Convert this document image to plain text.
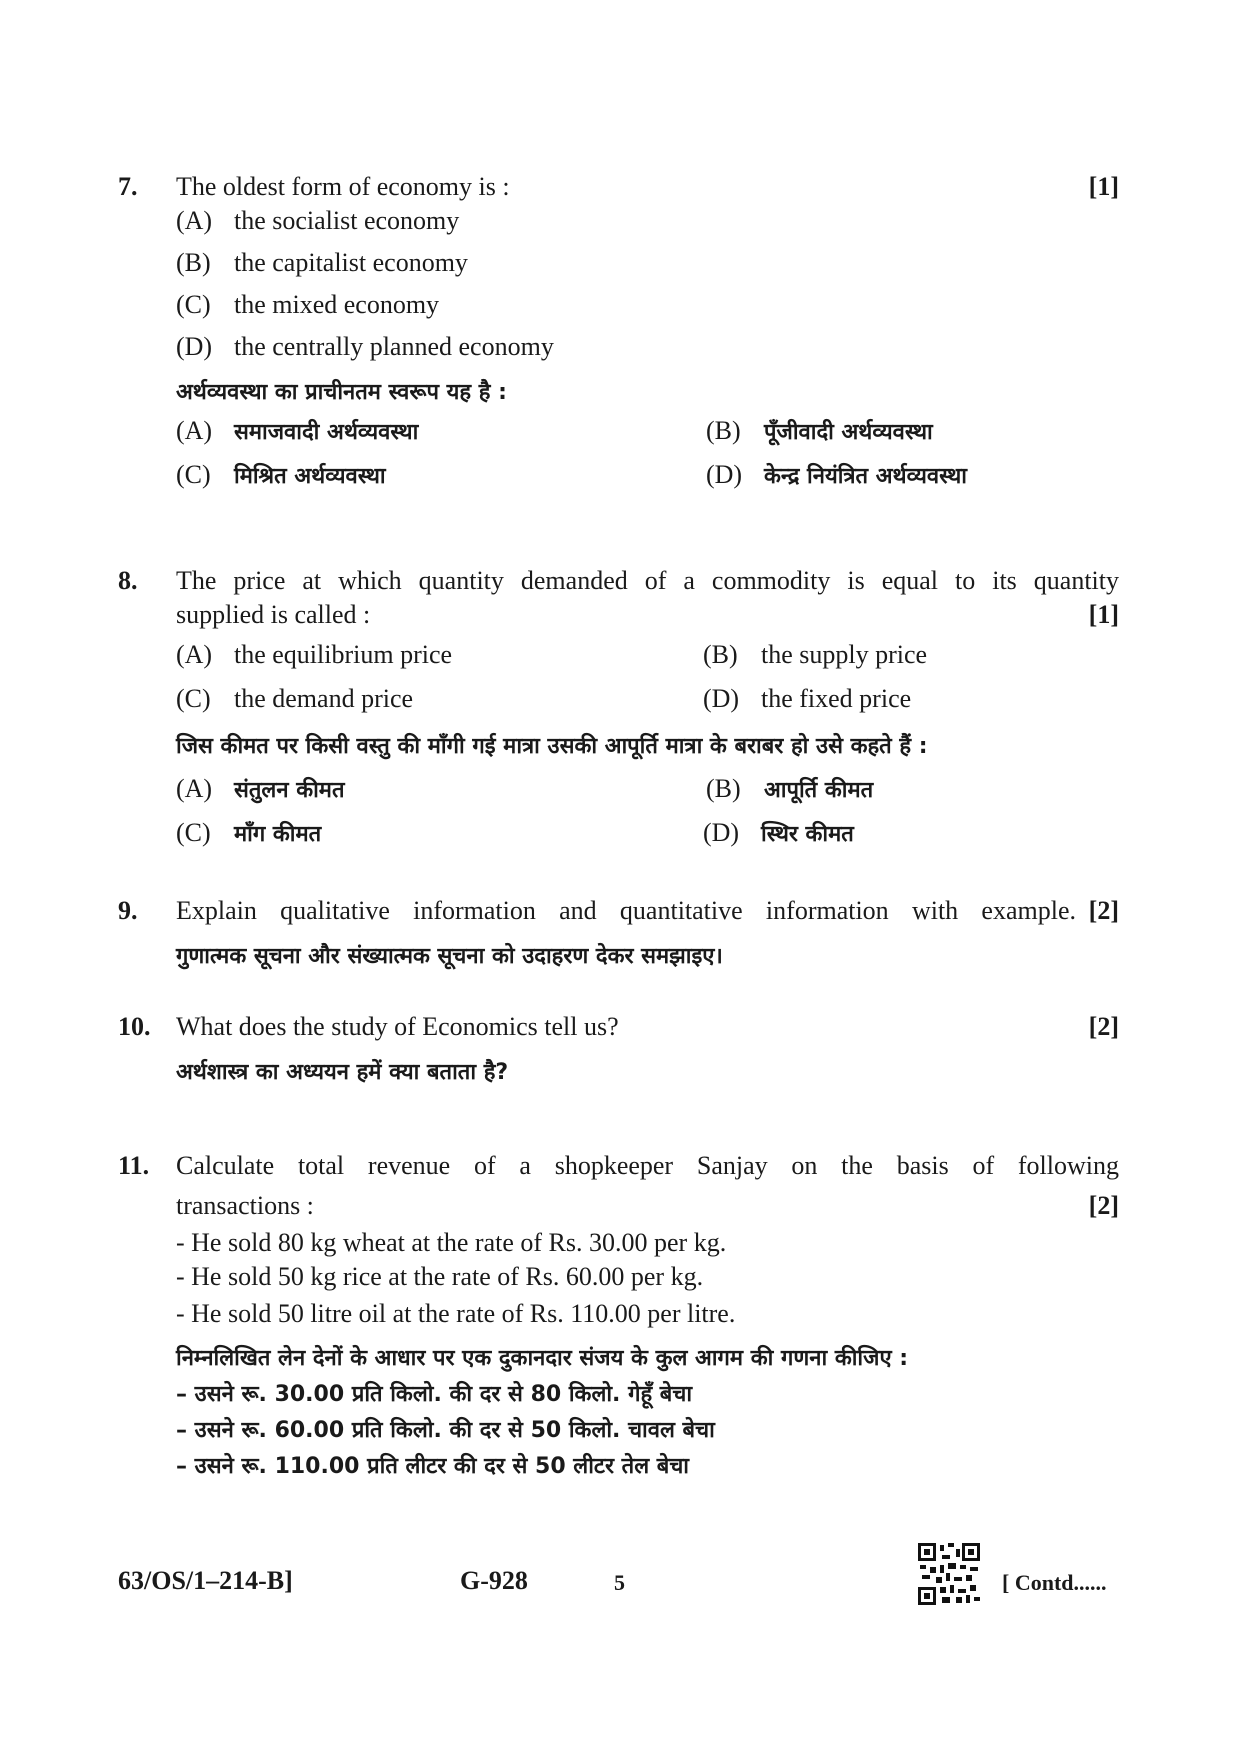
7. The oldest form of economy is :	[1]
(A) the socialist economy
(B) the capitalist economy
(C) the mixed economy
(D) the centrally planned economy
अर्थव्यवस्था का प्राचीनतम स्वरूप यह है :
(A) समाजवादी अर्थव्यवस्था	(B) पूँजीवादी अर्थव्यवस्था
(C) मिश्रित अर्थव्यवस्था	(D) केन्द्र नियंत्रित अर्थव्यवस्था
8. The price at which quantity demanded of a commodity is equal to its quantity
supplied is called :	[1]
(A) the equilibrium price	(B) the supply price
(C) the demand price	(D) the fixed price
जिस कीमत पर किसी वस्तु की माँगी गई मात्रा उसकी आपूर्ति मात्रा के बराबर हो उसे कहते हैं :
(A) संतुलन कीमत	(B) आपूर्ति कीमत
(C) माँग कीमत	(D) स्थिर कीमत
9. Explain qualitative information and quantitative information with example. [2]
गुणात्मक सूचना और संख्यात्मक सूचना को उदाहरण देकर समझाइए।
10. What does the study of Economics tell us?	[2]
अर्थशास्त्र का अध्ययन हमें क्या बताता है?
11. Calculate total revenue of a shopkeeper Sanjay on the basis of following
transactions :	[2]
- He sold 80 kg wheat at the rate of Rs. 30.00 per kg.
- He sold 50 kg rice at the rate of Rs. 60.00 per kg.
- He sold 50 litre oil at the rate of Rs. 110.00 per litre.
निम्नलिखित लेन देनों के आधार पर एक दुकानदार संजय के कुल आगम की गणना कीजिए :
– उसने रू. 30.00 प्रति किलो. की दर से 80 किलो. गेहूँ बेचा
– उसने रू. 60.00 प्रति किलो. की दर से 50 किलो. चावल बेचा
– उसने रू. 110.00 प्रति लीटर की दर से 50 लीटर तेल बेचा
63/OS/1–214-B]	G-928	5	[ Contd......
